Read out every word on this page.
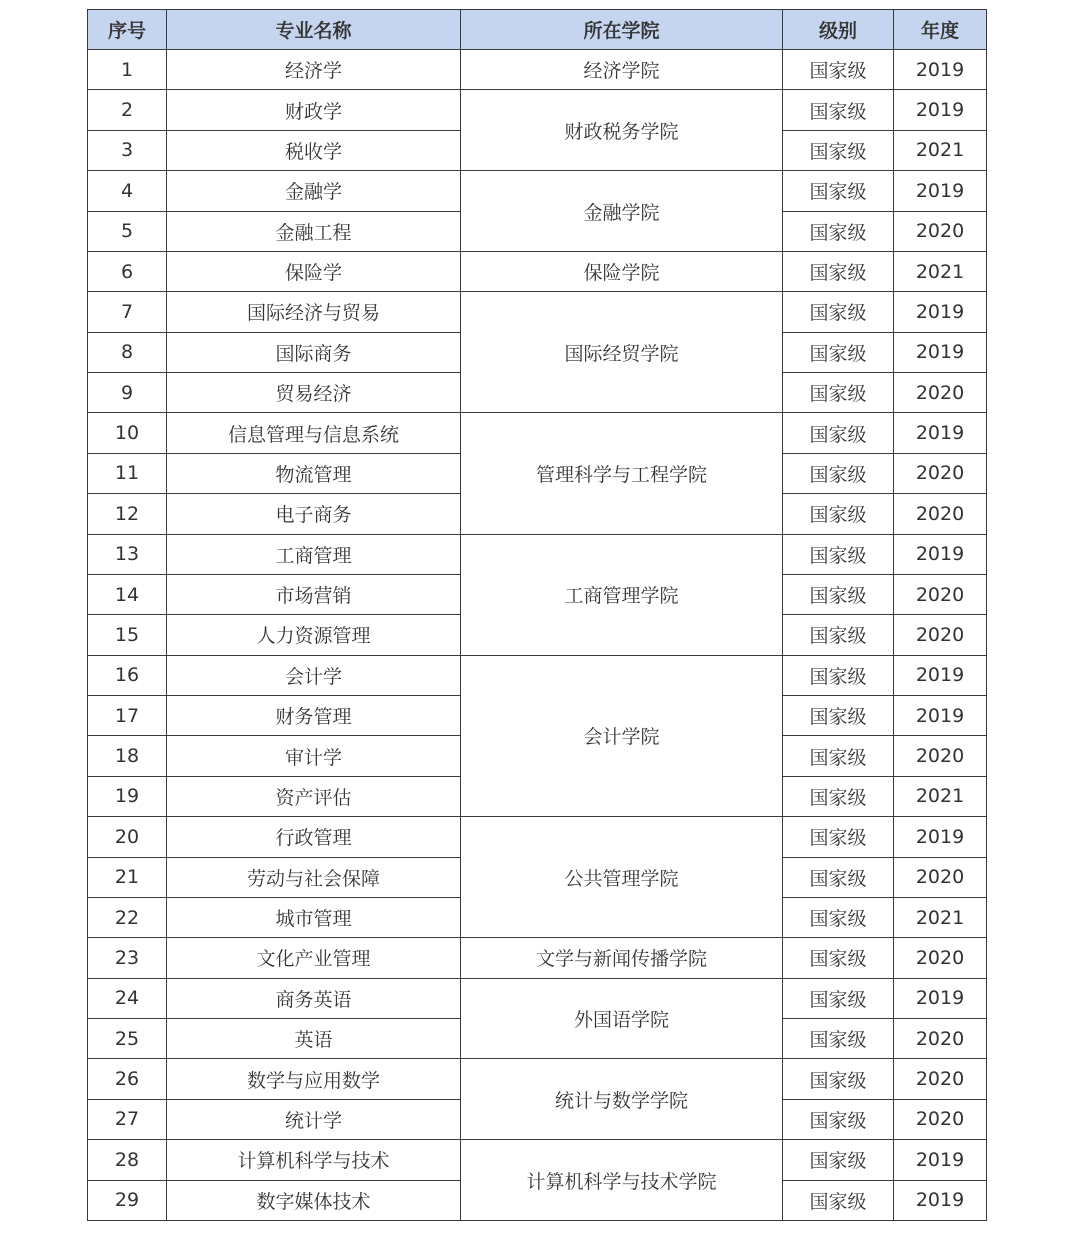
序号	专业名称	所在学院	级别	年度
1	经济学	经济学院	国家级	2019
2	财政学	财政税务学院	国家级	2019
3	税收学		国家级	2021
4	金融学	金融学院	国家级	2019
5	金融工程		国家级	2020
6	保险学	保险学院	国家级	2021
7	国际经济与贸易	国际经贸学院	国家级	2019
8	国际商务		国家级	2019
9	贸易经济		国家级	2020
10	信息管理与信息系统	管理科学与工程学院	国家级	2019
11	物流管理		国家级	2020
12	电子商务		国家级	2020
13	工商管理	工商管理学院	国家级	2019
14	市场营销		国家级	2020
15	人力资源管理		国家级	2020
16	会计学	会计学院	国家级	2019
17	财务管理		国家级	2019
18	审计学		国家级	2020
19	资产评估		国家级	2021
20	行政管理	公共管理学院	国家级	2019
21	劳动与社会保障		国家级	2020
22	城市管理		国家级	2021
23	文化产业管理	文学与新闻传播学院	国家级	2020
24	商务英语	外国语学院	国家级	2019
25	英语		国家级	2020
26	数学与应用数学	统计与数学学院	国家级	2020
27	统计学		国家级	2020
28	计算机科学与技术	计算机科学与技术学院	国家级	2019
29	数字媒体技术		国家级	2019
